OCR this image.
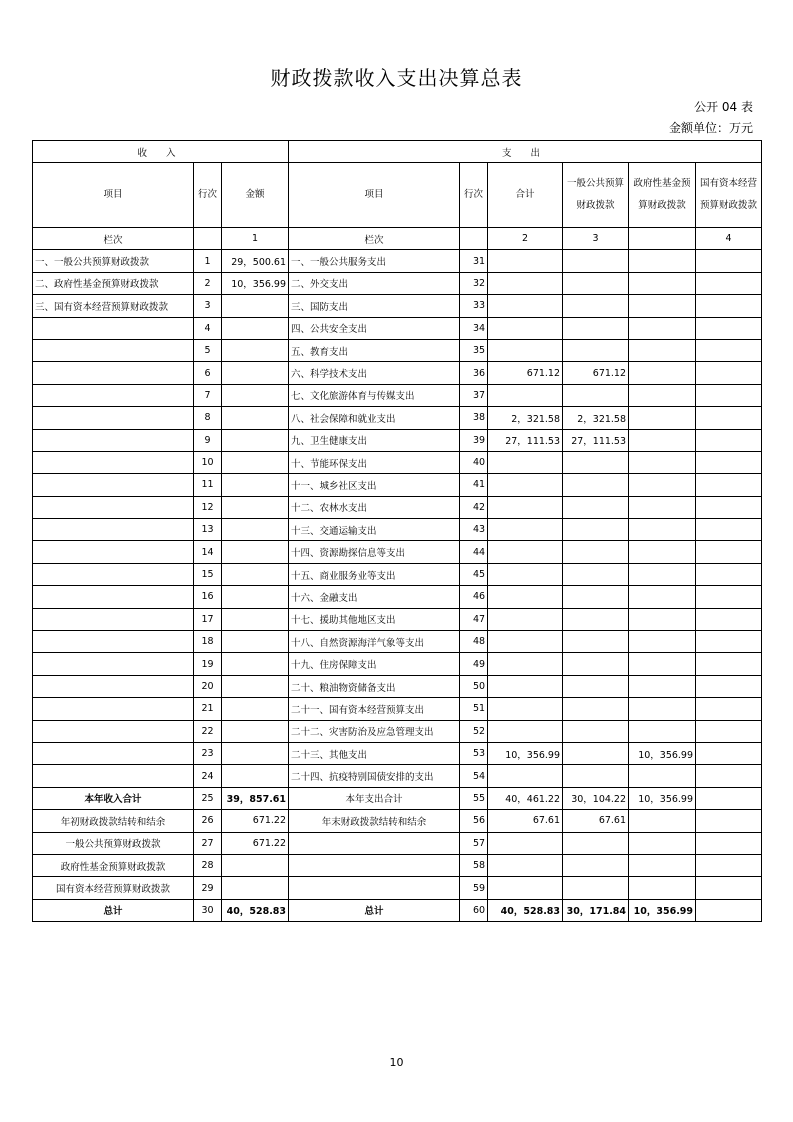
财政拨款收入支出决算总表
公开 04 表
金额单位：万元
收 入			支 出					
项目	行次	金额	项目	行次	合计	一般公共预算财政拨款	政府性基金预算财政拨款	国有资本经营预算财政拨款
栏次		1	栏次		2	3		4
一、一般公共预算财政拨款	1	29，500.61	一、一般公共服务支出	31				
二、政府性基金预算财政拨款	2	10，356.99	二、外交支出	32				
三、国有资本经营预算财政拨款	3		三、国防支出	33				
	4		四、公共安全支出	34				
	5		五、教育支出	35				
	6		六、科学技术支出	36	671.12	671.12		
	7		七、文化旅游体育与传媒支出	37				
	8		八、社会保障和就业支出	38	2，321.58	2，321.58		
	9		九、卫生健康支出	39	27，111.53	27，111.53		
	10		十、节能环保支出	40				
	11		十一、城乡社区支出	41				
	12		十二、农林水支出	42				
	13		十三、交通运输支出	43				
	14		十四、资源勘探信息等支出	44				
	15		十五、商业服务业等支出	45				
	16		十六、金融支出	46				
	17		十七、援助其他地区支出	47				
	18		十八、自然资源海洋气象等支出	48				
	19		十九、住房保障支出	49				
	20		二十、粮油物资储备支出	50				
	21		二十一、国有资本经营预算支出	51				
	22		二十二、灾害防治及应急管理支出	52				
	23		二十三、其他支出	53	10，356.99		10，356.99	
	24		二十四、抗疫特别国债安排的支出	54				
本年收入合计	25	39，857.61	本年支出合计	55	40，461.22	30，104.22	10，356.99	
年初财政拨款结转和结余	26	671.22	年末财政拨款结转和结余	56	67.61	67.61		
一般公共预算财政拨款	27	671.22		57				
政府性基金预算财政拨款	28			58				
国有资本经营预算财政拨款	29			59				
总计	30	40，528.83	总计	60	40，528.83	30，171.84	10，356.99	
10
